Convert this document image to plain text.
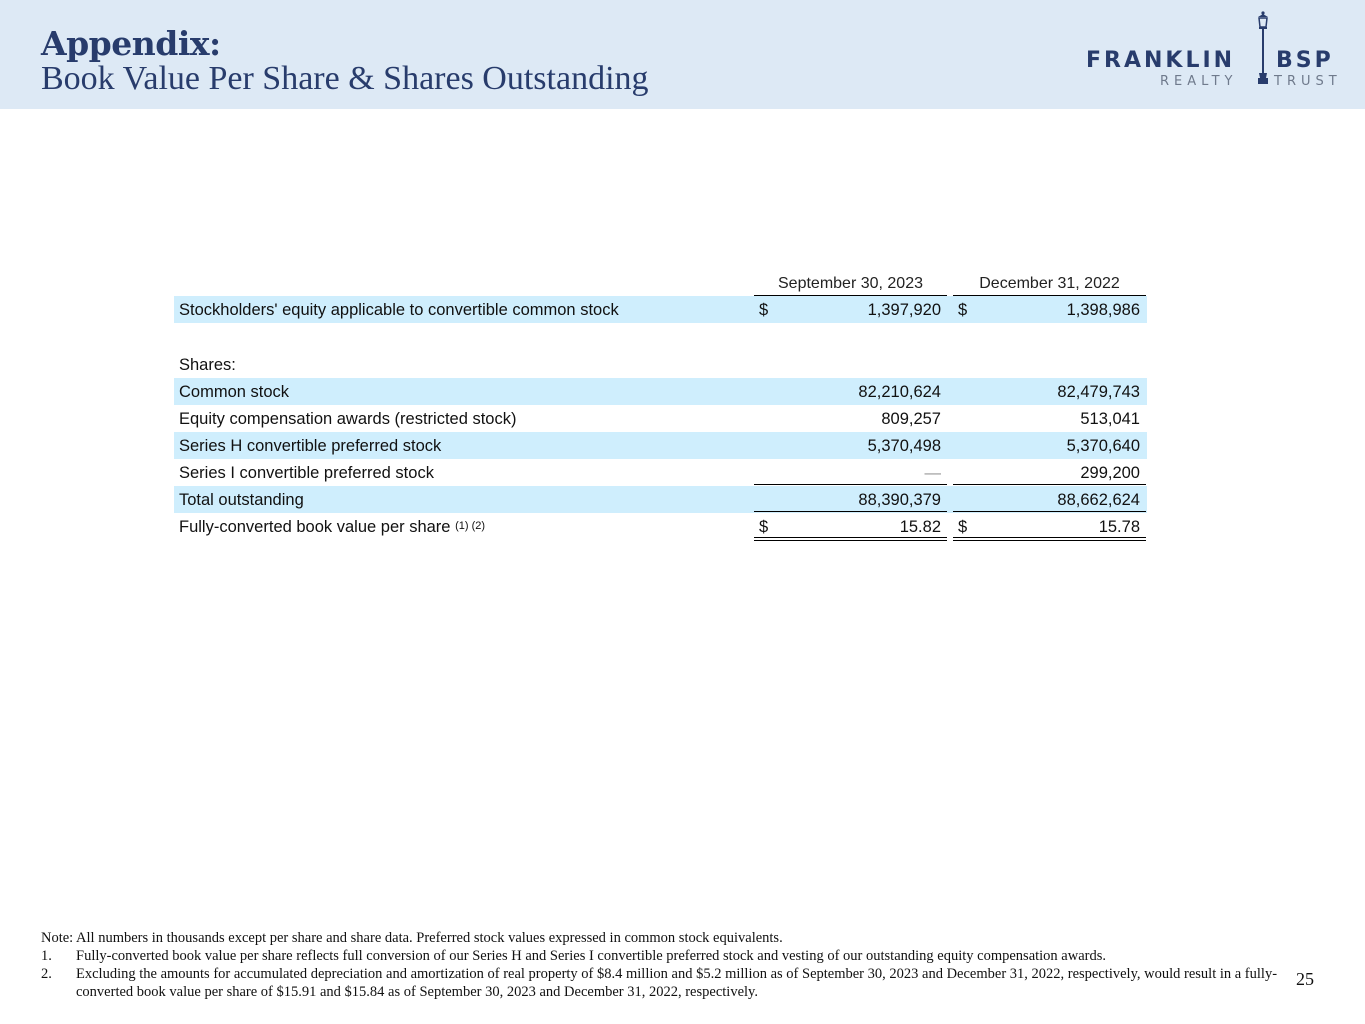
Appendix:
Book Value Per Share & Shares Outstanding	FRANKLIN BSP
REALTY	TRUST
September 30, 2023	December 31, 2022
Stockholders' equity applicable to convertible common stock	$	1,397,920 $	1,398,986
Shares:
Common stock	82,210,624	82,479,743
Equity compensation awards (restricted stock)	809,257	513,041
Series H convertible preferred stock	5,370,498	5,370,640
Series I convertible preferred stock	—	299,200
Total outstanding	88,390,379	88,662,624
Fully-converted book value per share $^{(1) (2)}$	$	15.82 $	15.78
Note: All numbers in thousands except per share and share data. Preferred stock values expressed in common stock equivalents.
1. Fully-converted book value per share reflects full conversion of our Series H and Series I convertible preferred stock and vesting of our outstanding equity compensation awards.
2. Excluding the amounts for accumulated depreciation and amortization of real property of $8.4 million and $5.2 million as of September 30, 2023 and December 31, 2022, respectively, would result in a fully-converted book value per share of $15.91 and $15.84 as of September 30, 2023 and December 31, 2022, respectively.
25
